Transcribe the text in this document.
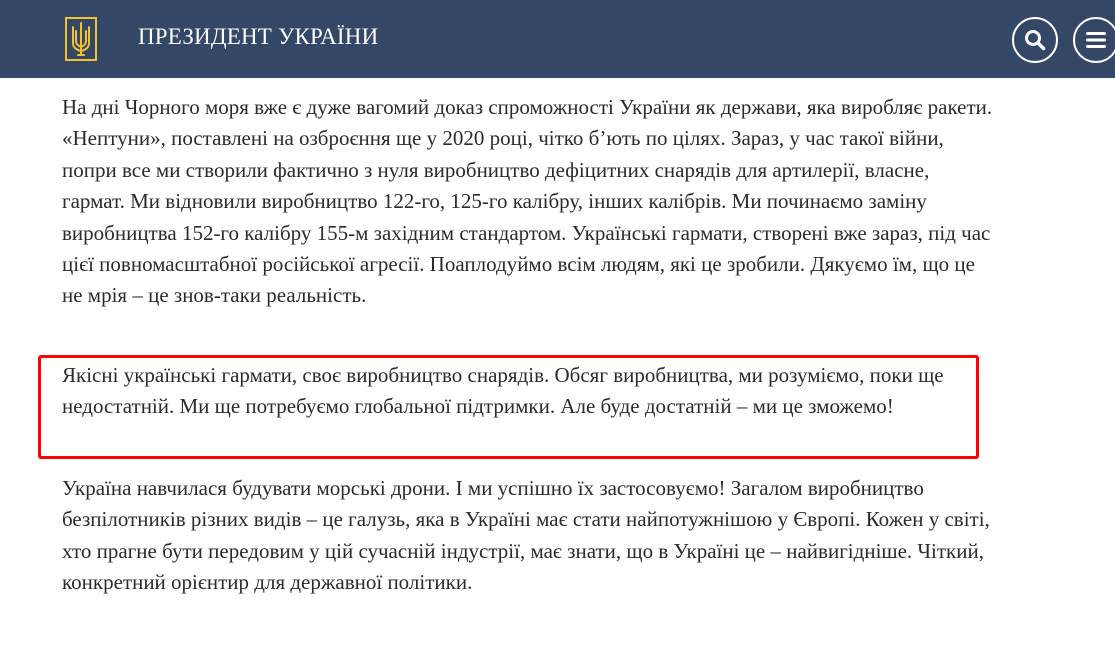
ПРЕЗИДЕНТ УКРАЇНИ

На дні Чорного моря вже є дуже вагомий доказ спроможності України як держави, яка виробляє ракети. «Нептуни», поставлені на озброєння ще у 2020 році, чітко б’ють по цілях. Зараз, у час такої війни, попри все ми створили фактично з нуля виробництво дефіцитних снарядів для артилерії, власне, гармат. Ми відновили виробництво 122-го, 125-го калібру, інших калібрів. Ми починаємо заміну виробництва 152-го калібру 155-м західним стандартом. Українські гармати, створені вже зараз, під час цієї повномасштабної російської агресії. Поаплодуймо всім людям, які це зробили. Дякуємо їм, що це не мрія – це знов-таки реальність.

Якісні українські гармати, своє виробництво снарядів. Обсяг виробництва, ми розуміємо, поки ще недостатній. Ми ще потребуємо глобальної підтримки. Але буде достатній – ми це зможемо!

Україна навчилася будувати морські дрони. І ми успішно їх застосовуємо! Загалом виробництво безпілотників різних видів – це галузь, яка в Україні має стати найпотужнішою у Європі. Кожен у світі, хто прагне бути передовим у цій сучасній індустрії, має знати, що в Україні це – найвигідніше. Чіткий, конкретний орієнтир для державної політики.
